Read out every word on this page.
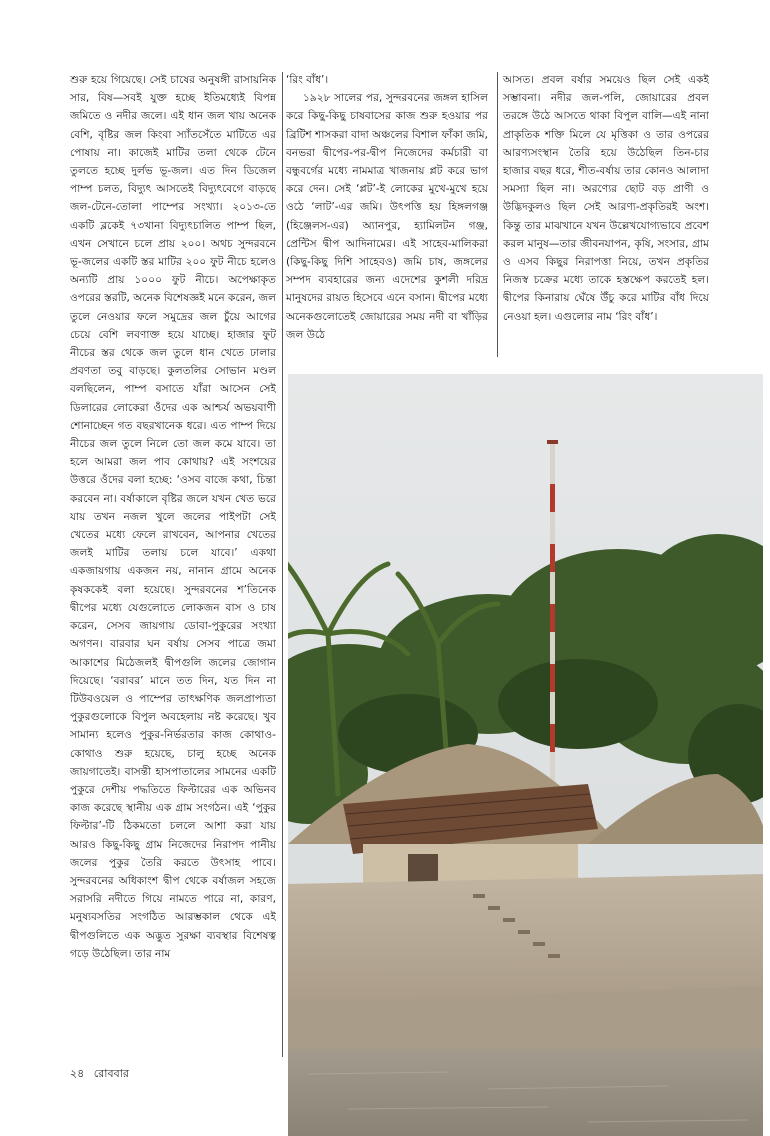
শুরু হয়ে গিয়েছে। সেই চাষের অনুষঙ্গী রাসায়নিক সার, বিষ—সবই যুক্ত হচ্ছে ইতিমধ্যেই বিপন্ন জমিতে ও নদীর জলে। এই ধান জল খায় অনেক বেশি, বৃষ্টির জল কিংবা স্যাঁতসেঁতে মাটিতে এর পোষায় না। কাজেই মাটির তলা থেকে টেনে তুলতে হচ্ছে দুর্লভ ভূ-জল। এত দিন ডিজেল পাম্প চলত, বিদ্যুৎ আসতেই বিদ্যুৎবেগে বাড়ছে জল-টেনে-তোলা পাম্পের সংখ্যা। ২০১৩-তে একটি ব্লকেই ৭৩খানা বিদ্যুৎচালিত পাম্প ছিল, এখন সেখানে চলে প্রায় ২০০। অথচ সুন্দরবনে ভূ-জলের একটি স্তর মাটির ২০০ ফুট নীচে হলেও অন্যটি প্রায় ১০০০ ফুট নীচে। অপেক্ষাকৃত ওপরের স্তরটি, অনেক বিশেষজ্ঞই মনে করেন, জল তুলে নেওয়ার ফলে সমুদ্রের জল চুঁয়ে আগের চেয়ে বেশি লবণাক্ত হয়ে যাচ্ছে। হাজার ফুট নীচের স্তর থেকে জল তুলে ধান খেতে ঢালার প্রবণতা তবু বাড়ছে। কুলতলির সোভান মণ্ডল বলছিলেন, পাম্প বসাতে যাঁরা আসেন সেই ডিলারের লোকেরা ওঁদের এক আশ্চর্য অভয়বাণী শোনাচ্ছেন গত বছরখানেক ধরে। এত পাম্প দিয়ে নীচের জল তুলে নিলে তো জল কমে যাবে। তা হলে আমরা জল পাব কোথায়? এই সংশয়ের উত্তরে ওঁদের বলা হচ্ছে: ‘ওসব বাজে কথা, চিন্তা করবেন না। বর্ষাকালে বৃষ্টির জলে যখন খেত ভরে যায় তখন নজল খুলে জলের পাইপটা সেই খেতের মধ্যে ফেলে রাখবেন, আপনার খেতের জলই মাটির তলায় চলে যাবে।’ একথা একজায়গায় একজন নয়, নানান গ্রামে অনেক কৃষককেই বলা হয়েছে। সুন্দরবনের শ’তিনেক দ্বীপের মধ্যে যেগুলোতে লোকজন বাস ও চাষ করেন, সেসব জায়গায় ডোবা-পুকুরের সংখ্যা অগণন। বারবার ঘন বর্ষায় সেসব পাত্রে জমা আকাশের মিঠেজলই দ্বীপগুলি জলের জোগান দিয়েছে। ‘বরাবর’ মানে তত দিন, যত দিন না টিউবওয়েল ও পাম্পের তাৎক্ষণিক জলপ্রাপ্যতা পুকুরগুলোকে বিপুল অবহেলায় নষ্ট করেছে। খুব সামান্য হলেও পুকুর-নির্ভরতার কাজ কোথাও-কোথাও শুরু হয়েছে, চালু হচ্ছে অনেক জায়গাতেই। বাসন্তী হাসপাতালের সামনের একটি পুকুরে দেশীয় পদ্ধতিতে ফিল্টারের এক অভিনব কাজ করেছে স্থানীয় এক গ্রাম সংগঠন। এই ‘পুকুর ফিল্টার’-টি ঠিকমতো চললে আশা করা যায় আরও কিছু-কিছু গ্রাম নিজেদের নিরাপদ পানীয় জলের পুকুর তৈরি করতে উৎসাহ পাবে। সুন্দরবনের অধিকাংশ দ্বীপ থেকে বর্ষাজল সহজে সরাসরি নদীতে গিয়ে নামতে পারে না, কারণ, মনুষ্যবসতির সংগঠিত আরম্ভকাল থেকে এই দ্বীপগুলিতে এক অদ্ভুত সুরক্ষা ব্যবস্থার বিশেষত্ব গড়ে উঠেছিল। তার নাম

‘রিং বাঁধ’।

১৯২৮ সালের পর, সুন্দরবনের জঙ্গল হাসিল করে কিছু-কিছু চাষবাসের কাজ শুরু হওয়ার পর ব্রিটিশ শাসকরা বাদা অঞ্চলের বিশাল ফাঁকা জমি, বনভরা দ্বীপের-পর-দ্বীপ নিজেদের কর্মচারী বা বন্ধুবর্গের মধ্যে নামমাত্র খাজনায় প্লট করে ভাগ করে দেন। সেই ‘প্লট’-ই লোকের মুখে-মুখে হয়ে ওঠে ‘লাট’-এর জমি। উৎপত্তি হয় হিঙ্গলগঞ্জ (হিঞ্জেলস-এর) অ্যানপুর, হ্যামিলটন গঞ্জ, প্রেন্টিস দ্বীপ আদিনামের। এই সাহেব-মালিকরা (কিছু-কিছু দিশি সাহেবও) জমি চাষ, জঙ্গলের সম্পদ ব্যবহারের জন্য এদেশের কুশলী দরিদ্র মানুষদের রায়ত হিসেবে এনে বসান। দ্বীপের মধ্যে অনেকগুলোতেই জোয়ারের সময় নদী বা খাঁড়ির জল উঠে

আসত। প্রবল বর্ষার সময়েও ছিল সেই একই সম্ভাবনা। নদীর জল-পলি, জোয়ারের প্রবল তরঙ্গে উঠে আসতে থাকা বিপুল বালি—এই নানা প্রাকৃতিক শক্তি মিলে যে মৃত্তিকা ও তার ওপরের আরণ্যসংস্থান তৈরি হয়ে উঠেছিল তিন-চার হাজার বছর ধরে, শীত-বর্ষায় তার কোনও আলাদা সমস্যা ছিল না। অরণ্যের ছোট বড় প্রাণী ও উদ্ভিদকুলও ছিল সেই আরণ্য-প্রকৃতিরই অংশ। কিন্তু তার মাঝখানে যখন উল্লেখযোগ্যভাবে প্রবেশ করল মানুষ—তার জীবনযাপন, কৃষি, সংসার, গ্রাম ও এসব কিছুর নিরাপত্তা নিয়ে, তখন প্রকৃতির নিজস্ব চক্রের মধ্যে তাকে হস্তক্ষেপ করতেই হল। দ্বীপের কিনারায় ঘেঁষে উঁচু করে মাটির বাঁধ দিয়ে নেওয়া হল। এগুলোর নাম ‘রিং বাঁধ’।

২৪ রোববার
